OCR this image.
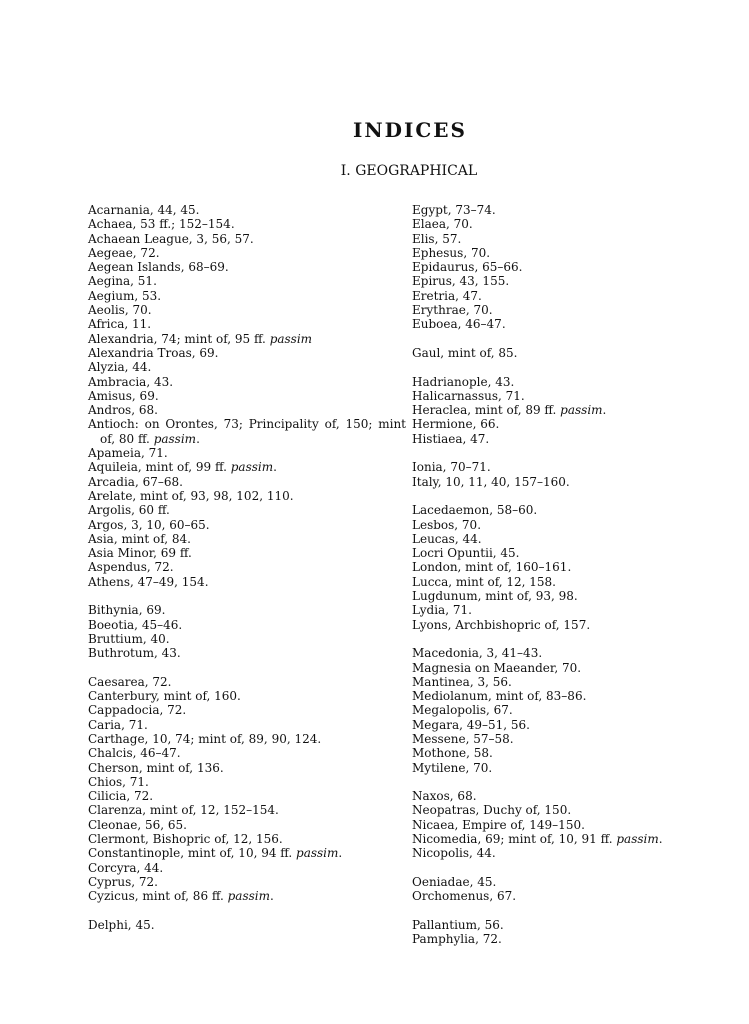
INDICES
I. GEOGRAPHICAL
Acarnania, 44, 45.
Achaea, 53 ff.; 152–154.
Achaean League, 3, 56, 57.
Aegeae, 72.
Aegean Islands, 68–69.
Aegina, 51.
Aegium, 53.
Aeolis, 70.
Africa, 11.
Alexandria, 74; mint of, 95 ff. passim
Alexandria Troas, 69.
Alyzia, 44.
Ambracia, 43.
Amisus, 69.
Andros, 68.
Antioch: on Orontes, 73; Principality of, 150; mint of, 80 ff. passim.
Apameia, 71.
Aquileia, mint of, 99 ff. passim.
Arcadia, 67–68.
Arelate, mint of, 93, 98, 102, 110.
Argolis, 60 ff.
Argos, 3, 10, 60–65.
Asia, mint of, 84.
Asia Minor, 69 ff.
Aspendus, 72.
Athens, 47–49, 154.
Bithynia, 69.
Boeotia, 45–46.
Bruttium, 40.
Buthrotum, 43.
Caesarea, 72.
Canterbury, mint of, 160.
Cappadocia, 72.
Caria, 71.
Carthage, 10, 74; mint of, 89, 90, 124.
Chalcis, 46–47.
Cherson, mint of, 136.
Chios, 71.
Cilicia, 72.
Clarenza, mint of, 12, 152–154.
Cleonae, 56, 65.
Clermont, Bishopric of, 12, 156.
Constantinople, mint of, 10, 94 ff. passim.
Corcyra, 44.
Cyprus, 72.
Cyzicus, mint of, 86 ff. passim.
Delphi, 45.
Egypt, 73–74.
Elaea, 70.
Elis, 57.
Ephesus, 70.
Epidaurus, 65–66.
Epirus, 43, 155.
Eretria, 47.
Erythrae, 70.
Euboea, 46–47.
Gaul, mint of, 85.
Hadrianople, 43.
Halicarnassus, 71.
Heraclea, mint of, 89 ff. passim.
Hermione, 66.
Histiaea, 47.
Ionia, 70–71.
Italy, 10, 11, 40, 157–160.
Lacedaemon, 58–60.
Lesbos, 70.
Leucas, 44.
Locri Opuntii, 45.
London, mint of, 160–161.
Lucca, mint of, 12, 158.
Lugdunum, mint of, 93, 98.
Lydia, 71.
Lyons, Archbishopric of, 157.
Macedonia, 3, 41–43.
Magnesia on Maeander, 70.
Mantinea, 3, 56.
Mediolanum, mint of, 83–86.
Megalopolis, 67.
Megara, 49–51, 56.
Messene, 57–58.
Mothone, 58.
Mytilene, 70.
Naxos, 68.
Neopatras, Duchy of, 150.
Nicaea, Empire of, 149–150.
Nicomedia, 69; mint of, 10, 91 ff. passim.
Nicopolis, 44.
Oeniadae, 45.
Orchomenus, 67.
Pallantium, 56.
Pamphylia, 72.
